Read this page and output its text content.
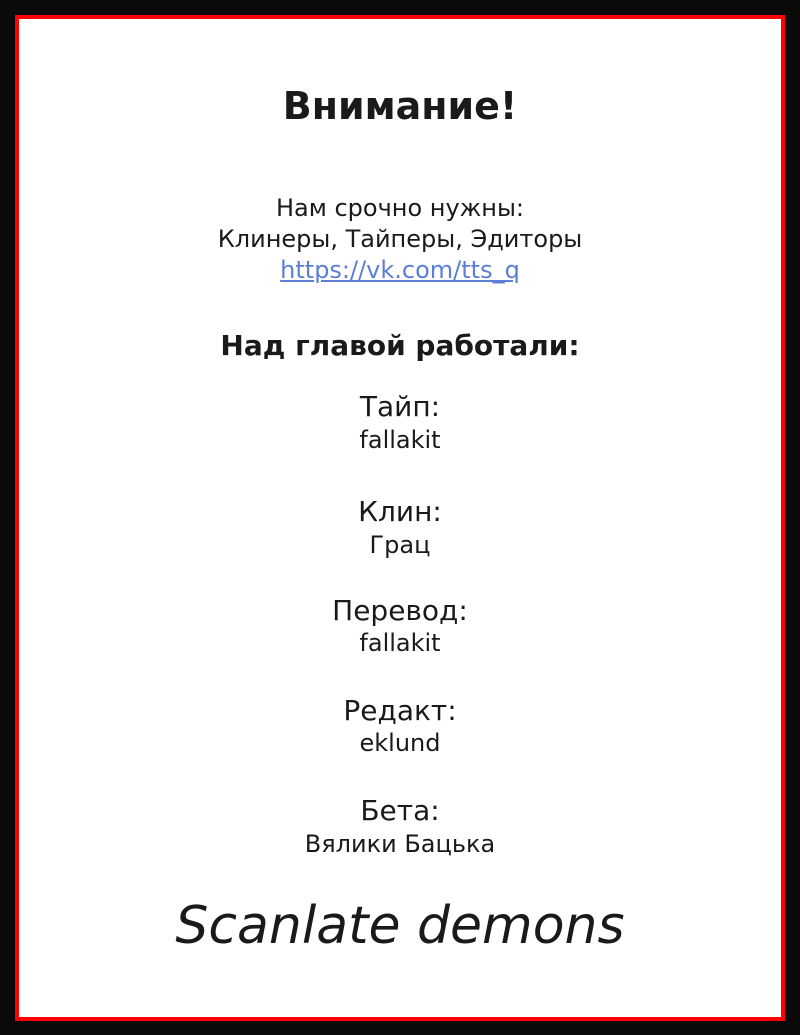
Внимание!
Нам срочно нужны:
Клинеры, Тайперы, Эдиторы
https://vk.com/tts_q
Над главой работали:
Тайп:
fallakit
Клин:
Грац
Перевод:
fallakit
Редакт:
eklund
Бета:
Вялики Бацька
Scanlate demons
